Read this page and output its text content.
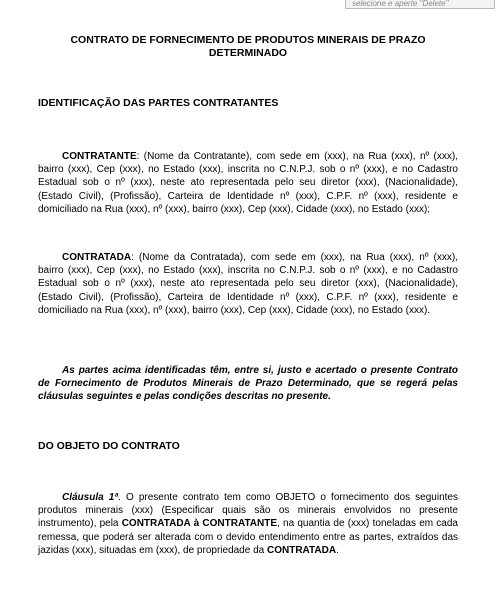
selecione e aperte "Delete"
CONTRATO DE FORNECIMENTO DE PRODUTOS MINERAIS DE PRAZO DETERMINADO
IDENTIFICAÇÃO DAS PARTES CONTRATANTES
CONTRATANTE: (Nome da Contratante), com sede em (xxx), na Rua (xxx), nº (xxx), bairro (xxx), Cep (xxx), no Estado (xxx), inscrita no C.N.P.J. sob o nº (xxx), e no Cadastro Estadual sob o nº (xxx), neste ato representada pelo seu diretor (xxx), (Nacionalidade), (Estado Civil), (Profissão), Carteira de Identidade nº (xxx), C.P.F. nº (xxx), residente e domiciliado na Rua (xxx), nº (xxx), bairro (xxx), Cep (xxx), Cidade (xxx), no Estado (xxx);
CONTRATADA: (Nome da Contratada), com sede em (xxx), na Rua (xxx), nº (xxx), bairro (xxx), Cep (xxx), no Estado (xxx), inscrita no C.N.P.J. sob o nº (xxx), e no Cadastro Estadual sob o nº (xxx), neste ato representada pelo seu diretor (xxx), (Nacionalidade), (Estado Civil), (Profissão), Carteira de Identidade nº (xxx), C.P.F. nº (xxx), residente e domiciliado na Rua (xxx), nº (xxx), bairro (xxx), Cep (xxx), Cidade (xxx), no Estado (xxx).
As partes acima identificadas têm, entre si, justo e acertado o presente Contrato de Fornecimento de Produtos Minerais de Prazo Determinado, que se regerá pelas cláusulas seguintes e pelas condições descritas no presente.
DO OBJETO DO CONTRATO
Cláusula 1ª. O presente contrato tem como OBJETO o fornecimento dos seguintes produtos minerais (xxx) (Especificar quais são os minerais envolvidos no presente instrumento), pela CONTRATADA à CONTRATANTE, na quantia de (xxx) toneladas em cada remessa, que poderá ser alterada com o devido entendimento entre as partes, extraídos das jazidas (xxx), situadas em (xxx), de propriedade da CONTRATADA.
